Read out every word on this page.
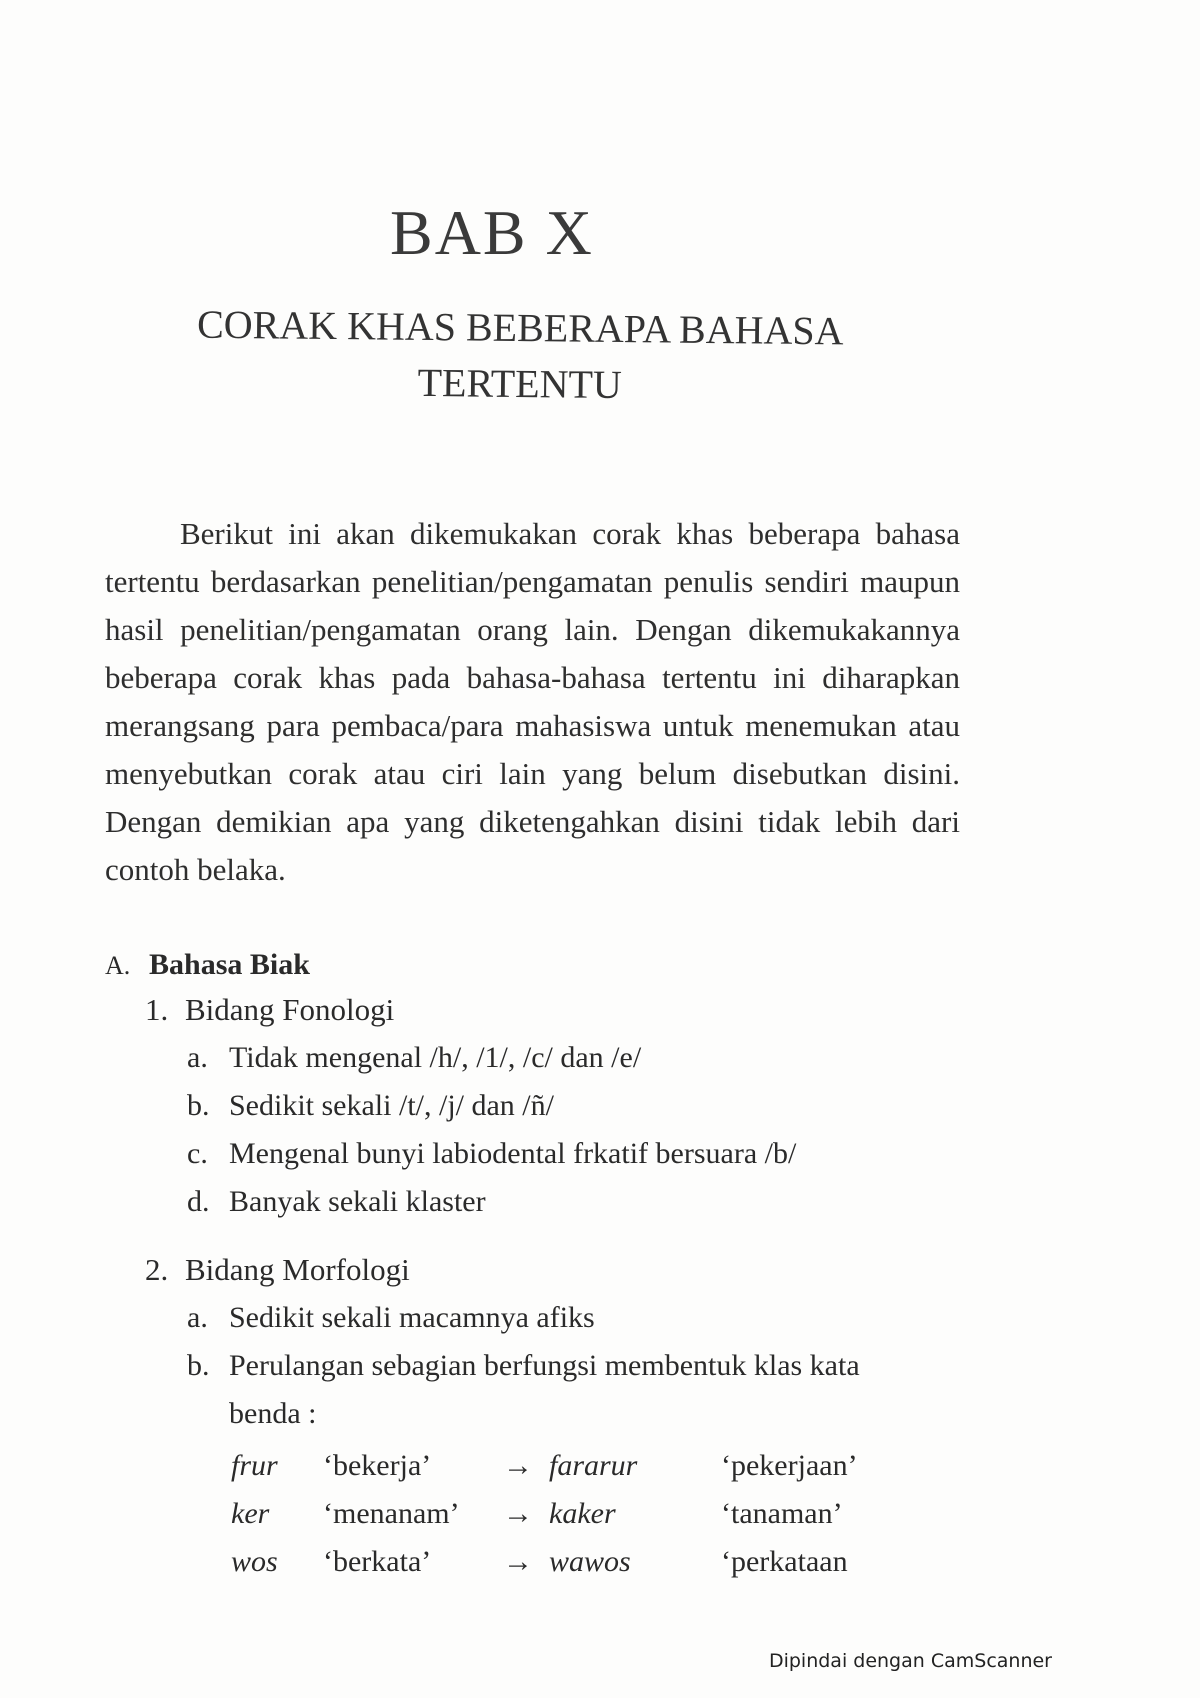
BAB X
CORAK KHAS BEBERAPA BAHASA
TERTENTU

Berikut ini akan dikemukakan corak khas beberapa bahasa tertentu berdasarkan penelitian/pengamatan penulis sendiri maupun hasil penelitian/pengamatan orang lain. Dengan dikemukakannya beberapa corak khas pada bahasa-bahasa tertentu ini diharapkan merangsang para pembaca/para mahasiswa untuk menemukan atau menyebutkan corak atau ciri lain yang belum disebutkan disini. Dengan demikian apa yang diketengahkan disini tidak lebih dari contoh belaka.

A. Bahasa Biak

1. Bidang Fonologi

a. Tidak mengenal /h/, /1/, /c/ dan /e/
b. Sedikit sekali /t/, /j/ dan /ñ/
c. Mengenal bunyi labiodental frkatif bersuara /b/
d. Banyak sekali klaster

2. Bidang Morfologi

a. Sedikit sekali macamnya afiks
b. Perulangan sebagian berfungsi membentuk klas kata benda :
frur	‘bekerja’	→	fararur	‘pekerjaan’
ker	‘menanam’	→	kaker	‘tanaman’
wos	‘berkata’	→	wawos	‘perkataan
Dipindai dengan CamScanner
